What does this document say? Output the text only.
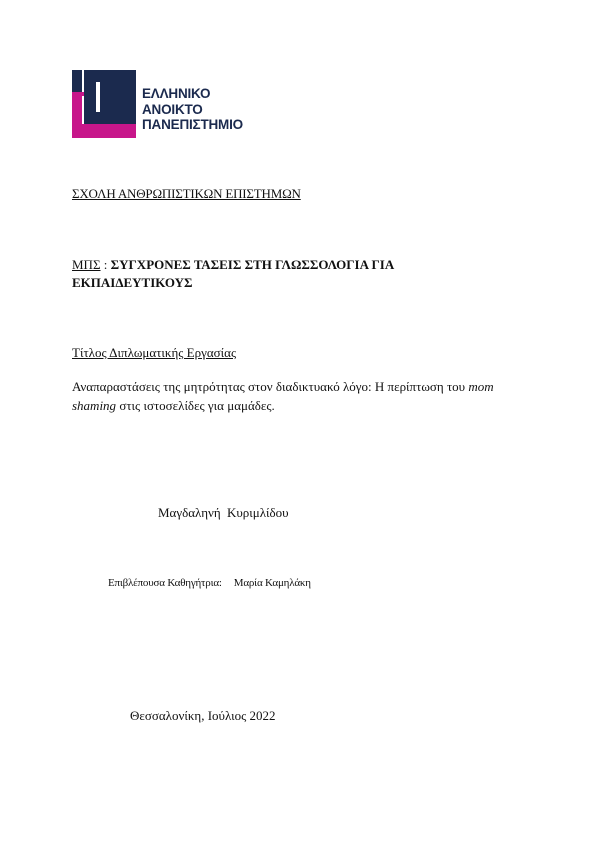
ΕΛΛΗΝΙΚΟ
ΑΝΟΙΚΤΟ
ΠΑΝΕΠΙΣΤΗΜΙΟ
ΣΧΟΛΗ ΑΝΘΡΩΠΙΣΤΙΚΩΝ ΕΠΙΣΤΗΜΩΝ
ΜΠΣ : ΣΥΓΧΡΟΝΕΣ ΤΑΣΕΙΣ ΣΤΗ ΓΛΩΣΣΟΛΟΓΙΑ ΓΙΑ ΕΚΠΑΙΔΕΥΤΙΚΟΥΣ
Τίτλος Διπλωματικής Εργασίας
Αναπαραστάσεις της μητρότητας στον διαδικτυακό λόγο: Η περίπτωση του mom shaming στις ιστοσελίδες για μαμάδες.
Μαγδαληνή Κυριμλίδου
Επιβλέπουσα Καθηγήτρια: Μαρία Καμηλάκη
Θεσσαλονίκη, Ιούλιος 2022
